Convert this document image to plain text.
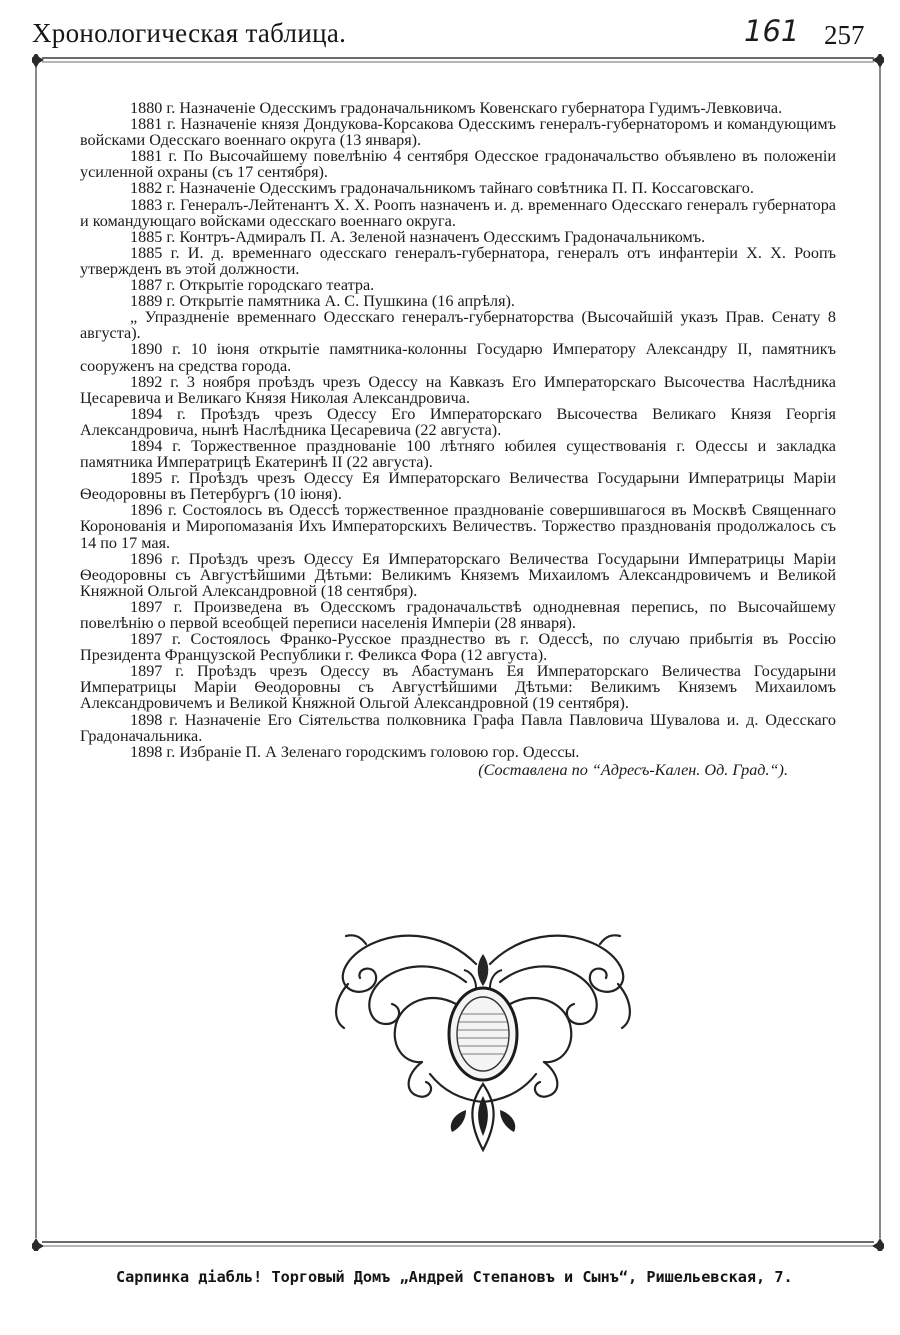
Хронологическая таблица.	161 257

1880 г. Назначеніе Одесскимъ градоначальникомъ Ковенскаго губернатора Гудимъ-Левковича.

1881 г. Назначеніе князя Дондукова-Корсакова Одесскимъ генералъ-губернаторомъ и командующимъ войсками Одесскаго военнаго округа (13 января).

1881 г. По Высочайшему повелѣнію 4 сентября Одесское градоначальство объявлено въ положеніи усиленной охраны (съ 17 сентября).

1882 г. Назначеніе Одесскимъ градоначальникомъ тайнаго совѣтника П. П. Коссаговскаго.

1883 г. Генералъ-Лейтенантъ Х. Х. Роопъ назначенъ и. д. временнаго Одесскаго генералъ губернатора и командующаго войсками одесскаго военнаго округа.

1885 г. Контръ-Адмиралъ П. А. Зеленой назначенъ Одесскимъ Градоначальникомъ.

1885 г. И. д. временнаго одесскаго генералъ-губернатора, генералъ отъ инфантеріи Х. Х. Роопъ утвержденъ въ этой должности.

1887 г. Открытіе городскаго театра.

1889 г. Открытіе памятника А. С. Пушкина (16 апрѣля).

„ Упраздненіе временнаго Одесскаго генералъ-губернаторства (Высочайшій указъ Прав. Сенату 8 августа).

1890 г. 10 іюня открытіе памятника-колонны Государю Императору Александру II, памятникъ сооруженъ на средства города.

1892 г. 3 ноября проѣздъ чрезъ Одессу на Кавказъ Его Императорскаго Высочества Наслѣдника Цесаревича и Великаго Князя Николая Александровича.

1894 г. Проѣздъ чрезъ Одессу Его Императорскаго Высочества Великаго Князя Георгія Александровича, нынѣ Наслѣдника Цесаревича (22 августа).

1894 г. Торжественное празднованіе 100 лѣтняго юбилея существованія г. Одессы и закладка памятника Императрицѣ Екатеринѣ II (22 августа).

1895 г. Проѣздъ чрезъ Одессу Ея Императорскаго Величества Государыни Императрицы Маріи Ѳеодоровны въ Петербургъ (10 іюня).

1896 г. Состоялось въ Одессѣ торжественное празднованіе совершившагося въ Москвѣ Священнаго Коронованія и Миропомазанія Ихъ Императорскихъ Величествъ. Торжество празднованія продолжалось съ 14 по 17 мая.

1896 г. Проѣздъ чрезъ Одессу Ея Императорскаго Величества Государыни Императрицы Маріи Ѳеодоровны съ Августѣйшими Дѣтьми: Великимъ Княземъ Михаиломъ Александровичемъ и Великой Княжной Ольгой Александровной (18 сентября).

1897 г. Произведена въ Одесскомъ градоначальствѣ однодневная перепись, по Высочайшему повелѣнію о первой всеобщей переписи населенія Имперіи (28 января).

1897 г. Состоялось Франко-Русское празднество въ г. Одессѣ, по случаю прибытія въ Россію Президента Французской Республики г. Феликса Фора (12 августа).

1897 г. Проѣздъ чрезъ Одессу въ Абастуманъ Ея Императорскаго Величества Государыни Императрицы Маріи Ѳеодоровны съ Августѣйшими Дѣтьми: Великимъ Княземъ Михаиломъ Александровичемъ и Великой Княжной Ольгой Александровной (19 сентября).

1898 г. Назначеніе Его Сіятельства полковника Графа Павла Павловича Шувалова и. д. Одесскаго Градоначальника.

1898 г. Избраніе П. А Зеленаго городскимъ головою гор. Одессы.

(Составлена по “Адресъ-Кален. Од. Град.“).

Сарпинка діабль! Торговый Домъ „Андрей Степановъ и Сынъ“, Ришельевская, 7.
